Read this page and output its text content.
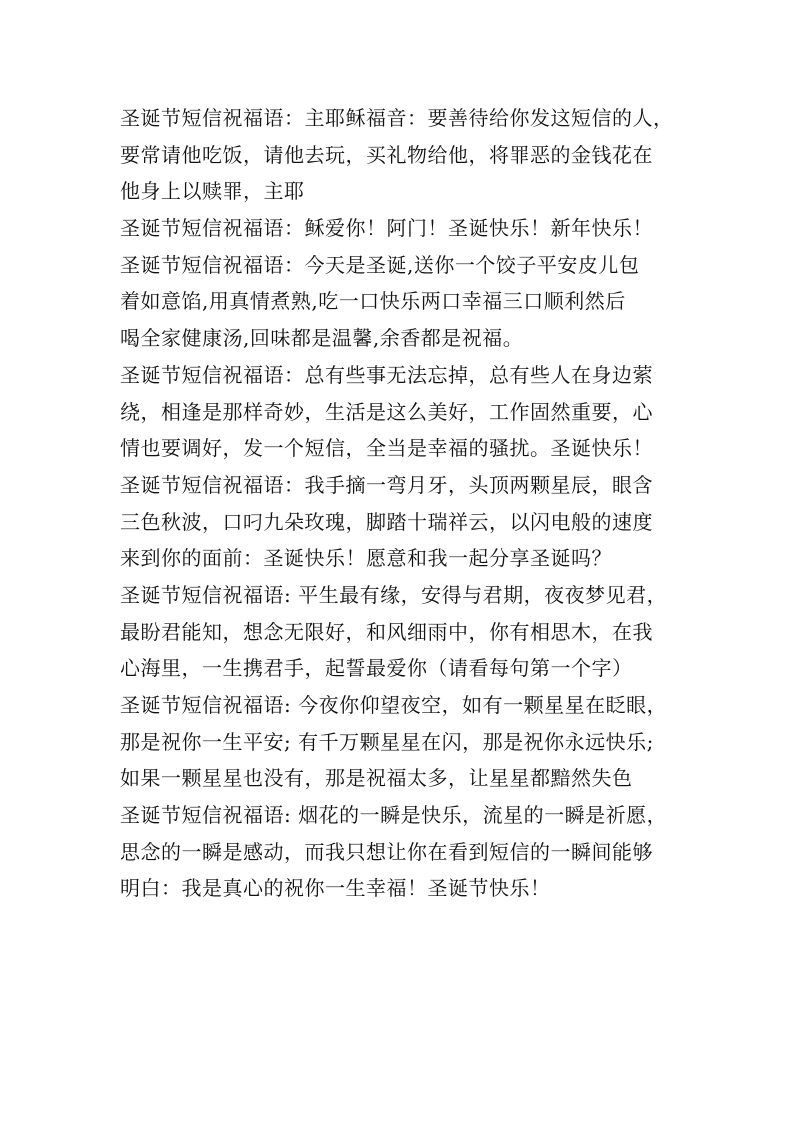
圣诞节短信祝福语：主耶稣福音：要善待给你发这短信的人，
要常请他吃饭，请他去玩，买礼物给他，将罪恶的金钱花在
他身上以赎罪，主耶
圣诞节短信祝福语：稣爱你！阿门！圣诞快乐！新年快乐！
圣诞节短信祝福语：今天是圣诞,送你一个饺子平安皮儿包
着如意馅,用真情煮熟,吃一口快乐两口幸福三口顺利然后
喝全家健康汤,回味都是温馨,余香都是祝福。
圣诞节短信祝福语：总有些事无法忘掉，总有些人在身边萦
绕，相逢是那样奇妙，生活是这么美好，工作固然重要，心
情也要调好，发一个短信，全当是幸福的骚扰。圣诞快乐！
圣诞节短信祝福语：我手摘一弯月牙，头顶两颗星辰，眼含
三色秋波，口叼九朵玫瑰，脚踏十瑞祥云，以闪电般的速度
来到你的面前：圣诞快乐！愿意和我一起分享圣诞吗？
圣诞节短信祝福语: 平生最有缘，安得与君期，夜夜梦见君，
最盼君能知，想念无限好，和风细雨中，你有相思木，在我
心海里，一生携君手，起誓最爱你（请看每句第一个字）
圣诞节短信祝福语: 今夜你仰望夜空，如有一颗星星在眨眼，
那是祝你一生平安; 有千万颗星星在闪，那是祝你永远快乐;
如果一颗星星也没有，那是祝福太多，让星星都黯然失色
圣诞节短信祝福语: 烟花的一瞬是快乐，流星的一瞬是祈愿，
思念的一瞬是感动，而我只想让你在看到短信的一瞬间能够
明白：我是真心的祝你一生幸福！圣诞节快乐！
